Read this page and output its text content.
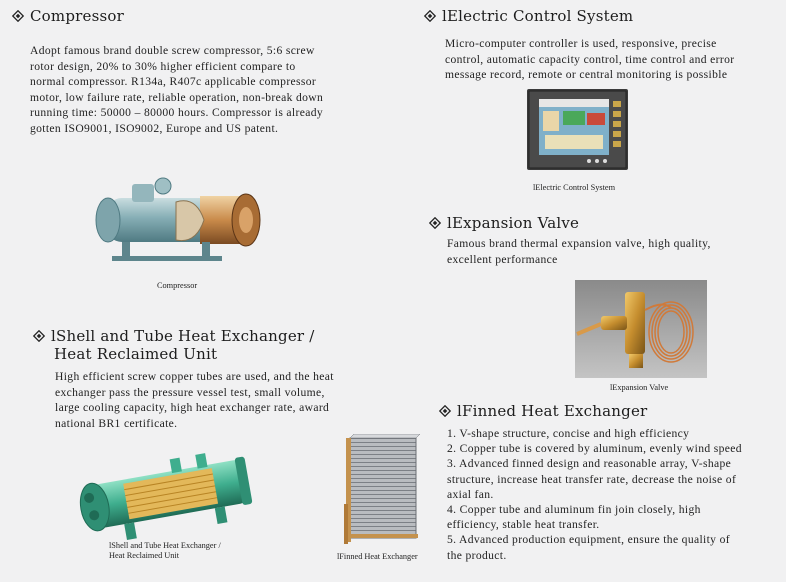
Compressor
Adopt famous brand double screw compressor, 5:6 screw
rotor design, 20% to 30% higher efficient compare to
normal compressor. R134a, R407c applicable compressor
motor, low failure rate, reliable operation, non-break down
running time: 50000 – 80000 hours. Compressor is already
gotten ISO9001, ISO9002, Europe and US patent.
Compressor
lElectric Control System
Micro-computer controller is used, responsive, precise
control, automatic capacity control, time control and error
message record, remote or central monitoring is possible
lElectric Control System
lExpansion Valve
Famous brand thermal expansion valve, high quality,
excellent performance
lExpansion Valve
lShell and Tube Heat Exchanger /
Heat Reclaimed Unit
High efficient screw copper tubes are used, and the heat
exchanger pass the pressure vessel test, small volume,
large cooling capacity, high heat exchanger rate, award
national BR1 certificate.
lShell and Tube Heat Exchanger /
Heat Reclaimed Unit
lFinned Heat Exchanger
1. V-shape structure, concise and high efficiency
2. Copper tube is covered by aluminum, evenly wind speed
3. Advanced finned design and reasonable array, V-shape
structure, increase heat transfer rate, decrease the noise of
axial fan.
4. Copper tube and aluminum fin join closely, high
efficiency, stable heat transfer.
5. Advanced production equipment, ensure the quality of
the product.
lFinned Heat Exchanger
